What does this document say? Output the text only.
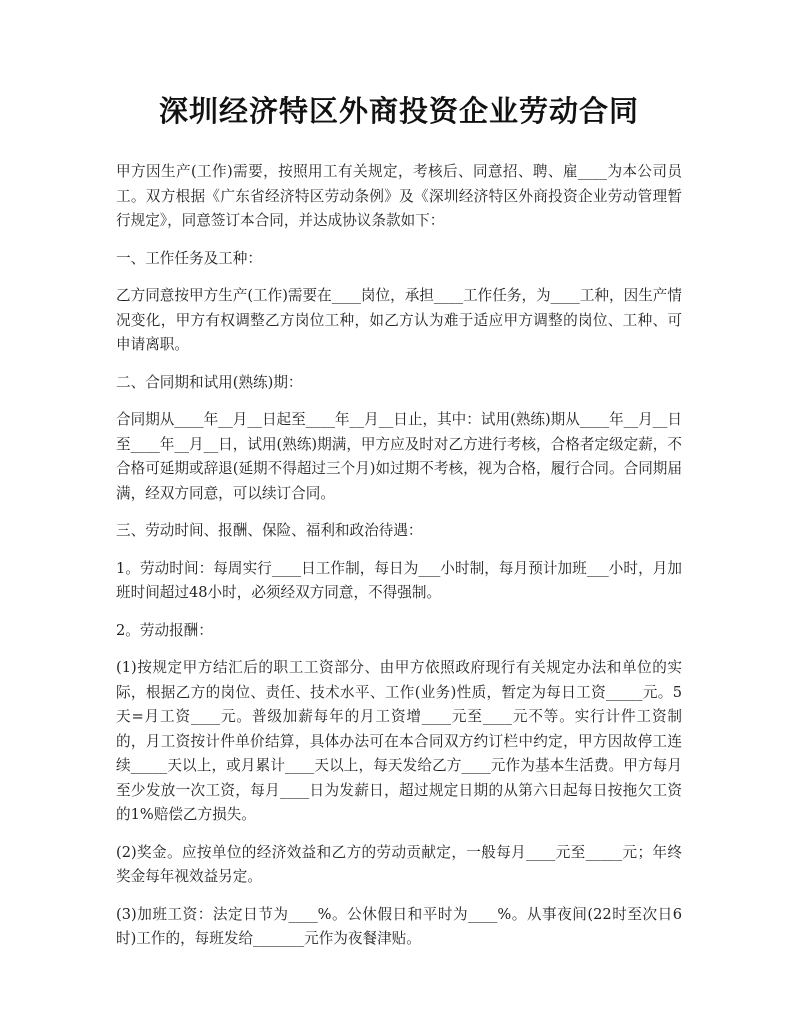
深圳经济特区外商投资企业劳动合同

甲方因生产(工作)需要，按照用工有关规定，考核后、同意招、聘、雇____为本公司员工。双方根据《广东省经济特区劳动条例》及《深圳经济特区外商投资企业劳动管理暂行规定》，同意签订本合同，并达成协议条款如下：

一、工作任务及工种：

乙方同意按甲方生产(工作)需要在____岗位，承担____工作任务，为____工种，因生产情况变化，甲方有权调整乙方岗位工种，如乙方认为难于适应甲方调整的岗位、工种、可申请离职。

二、合同期和试用(熟练)期：

合同期从____年__月__日起至____年__月__日止，其中：试用(熟练)期从____年__月__日至____年__月__日，试用(熟练)期满，甲方应及时对乙方进行考核，合格者定级定薪，不合格可延期或辞退(延期不得超过三个月)如过期不考核，视为合格，履行合同。合同期届满，经双方同意，可以续订合同。

三、劳动时间、报酬、保险、福利和政治待遇：

1。劳动时间：每周实行____日工作制，每日为___小时制，每月预计加班___小时，月加班时间超过48小时，必须经双方同意，不得强制。

2。劳动报酬：

(1)按规定甲方结汇后的职工工资部分、由甲方依照政府现行有关规定办法和单位的实际，根据乙方的岗位、责任、技术水平、工作(业务)性质，暂定为每日工资_____元。5天=月工资____元。普级加薪每年的月工资增____元至____元不等。实行计件工资制的，月工资按计件单价结算，具体办法可在本合同双方约订栏中约定，甲方因故停工连续_____天以上，或月累计____天以上，每天发给乙方____元作为基本生活费。甲方每月至少发放一次工资，每月____日为发薪日，超过规定日期的从第六日起每日按拖欠工资的1%赔偿乙方损失。

(2)奖金。应按单位的经济效益和乙方的劳动贡献定，一般每月____元至_____元；年终奖金每年视效益另定。

(3)加班工资：法定日节为____%。公休假日和平时为____%。从事夜间(22时至次日6时)工作的，每班发给_______元作为夜餐津贴。
